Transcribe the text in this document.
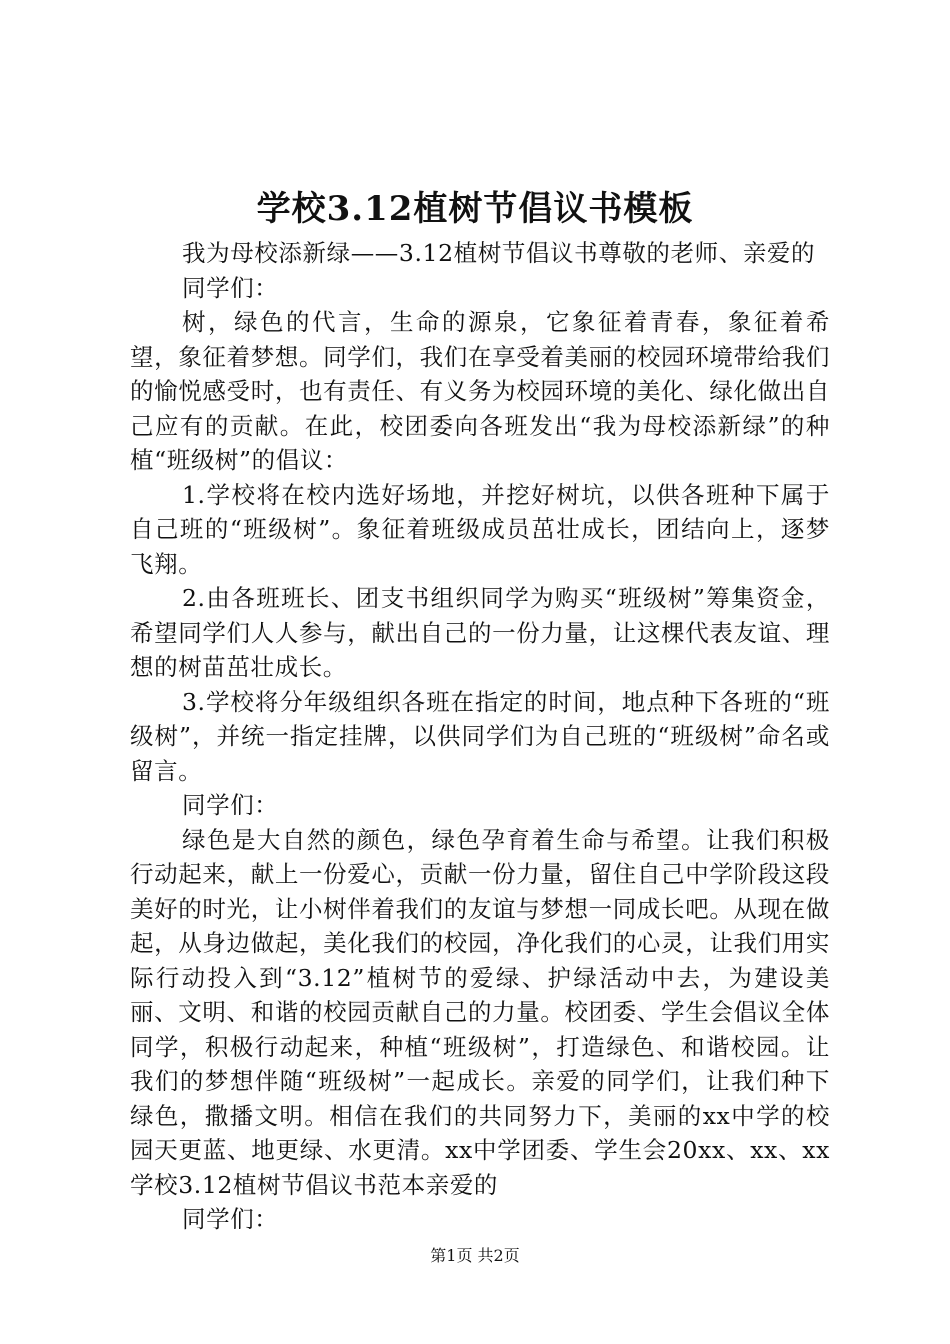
学校3.12植树节倡议书模板

我为母校添新绿——3.12植树节倡议书尊敬的老师、亲爱的

同学们：

树，绿色的代言，生命的源泉，它象征着青春，象征着希望，象征着梦想。同学们，我们在享受着美丽的校园环境带给我们的愉悦感受时，也有责任、有义务为校园环境的美化、绿化做出自己应有的贡献。在此，校团委向各班发出“我为母校添新绿”的种植“班级树”的倡议：

1.学校将在校内选好场地，并挖好树坑，以供各班种下属于自己班的“班级树”。象征着班级成员茁壮成长，团结向上，逐梦飞翔。

2.由各班班长、团支书组织同学为购买“班级树”筹集资金，希望同学们人人参与，献出自己的一份力量，让这棵代表友谊、理想的树苗茁壮成长。

3.学校将分年级组织各班在指定的时间，地点种下各班的“班级树”，并统一指定挂牌，以供同学们为自己班的“班级树”命名或留言。

同学们：

绿色是大自然的颜色，绿色孕育着生命与希望。让我们积极行动起来，献上一份爱心，贡献一份力量，留住自己中学阶段这段美好的时光，让小树伴着我们的友谊与梦想一同成长吧。从现在做起，从身边做起，美化我们的校园，净化我们的心灵，让我们用实际行动投入到“3.12”植树节的爱绿、护绿活动中去，为建设美丽、文明、和谐的校园贡献自己的力量。校团委、学生会倡议全体同学，积极行动起来，种植“班级树”，打造绿色、和谐校园。让我们的梦想伴随“班级树”一起成长。亲爱的同学们，让我们种下绿色，撒播文明。相信在我们的共同努力下，美丽的xx中学的校园天更蓝、地更绿、水更清。xx中学团委、学生会20xx、xx、xx学校3.12植树节倡议书范本亲爱的

同学们：

第1页 共2页
